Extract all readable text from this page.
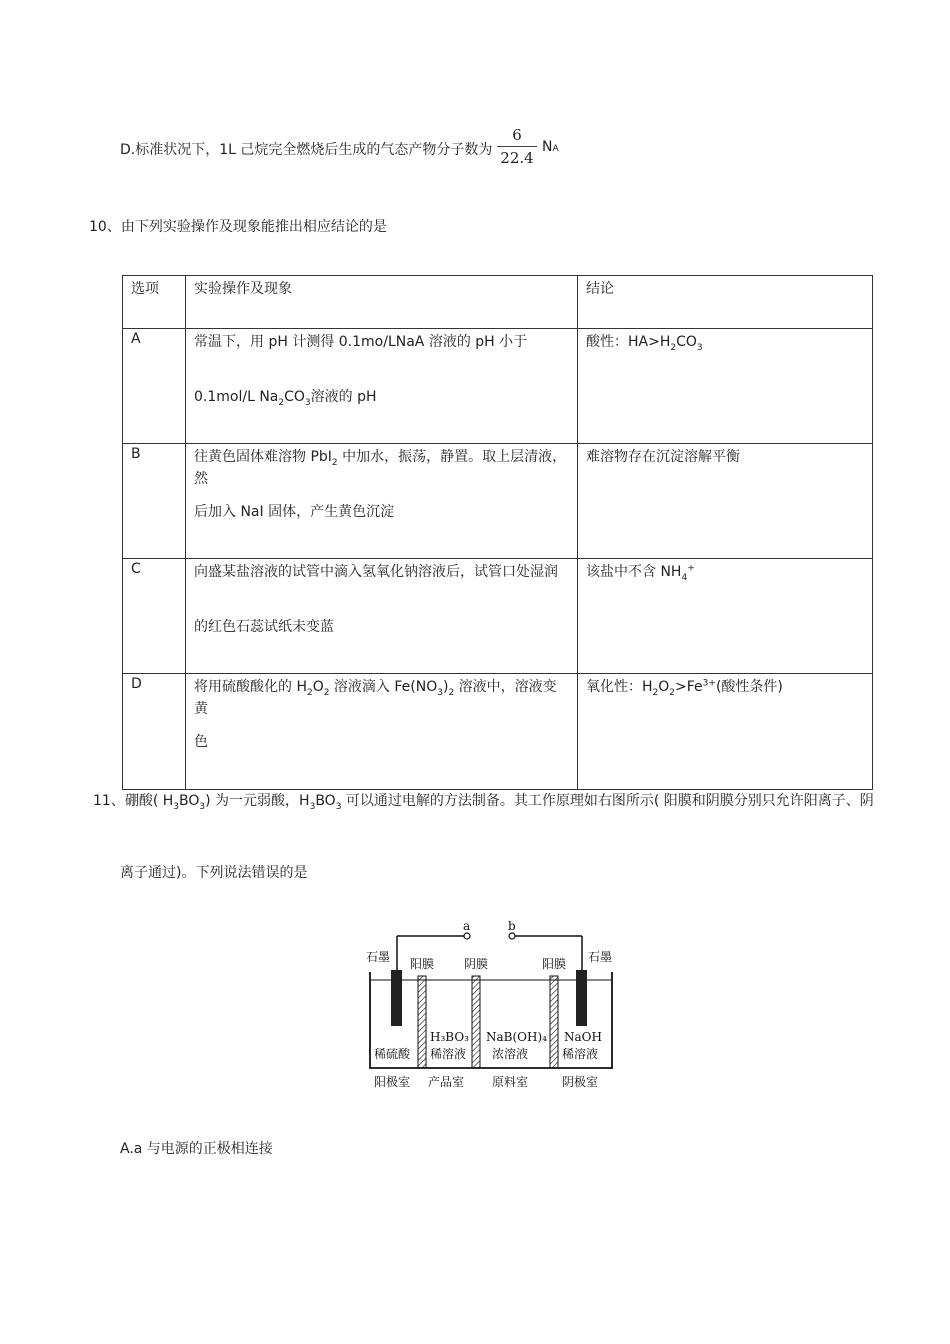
D.标准状况下，1L 己烷完全燃烧后生成的气态产物分子数为
6
22.4
NA
10、由下列实验操作及现象能推出相应结论的是
选项	实验操作及现象	结论

A	常温下，用 pH 计测得 0.1mo/LNaA 溶液的 pH 小于
0.1mol/L $Na_2CO_3$溶液的 pH	酸性：$HA>H_2CO_3$

B	往黄色固体难溶物 PbI$_2$ 中加水，振荡，静置。取上层清液，然
后加入 NaI 固体，产生黄色沉淀	难溶物存在沉淀溶解平衡

C	向盛某盐溶液的试管中滴入氢氧化钠溶液后，试管口处湿润
的红色石蕊试纸未变蓝	该盐中不含 $NH_4^+$

D	将用硫酸酸化的 $H_2O_2$ 溶液滴入 $Fe(NO_3)_2$ 溶液中，溶液变黄
色	氧化性：$H_2O_2>Fe^{3+}$(酸性条件)
11、硼酸( $H_3BO_3$) 为一元弱酸，$H_3BO_3$ 可以通过电解的方法制备。其工作原理如右图所示( 阳膜和阴膜分别只允许阳离子、阴
离子通过)。下列说法错误的是
a	b
石墨 阳膜 阴膜	阳膜 石墨
稀硫酸
H₃BO₃
稀溶液
NaB(OH)₄
浓溶液
NaOH
稀溶液
阳极室 产品室 原料室	阴极室
A.a 与电源的正极相连接
